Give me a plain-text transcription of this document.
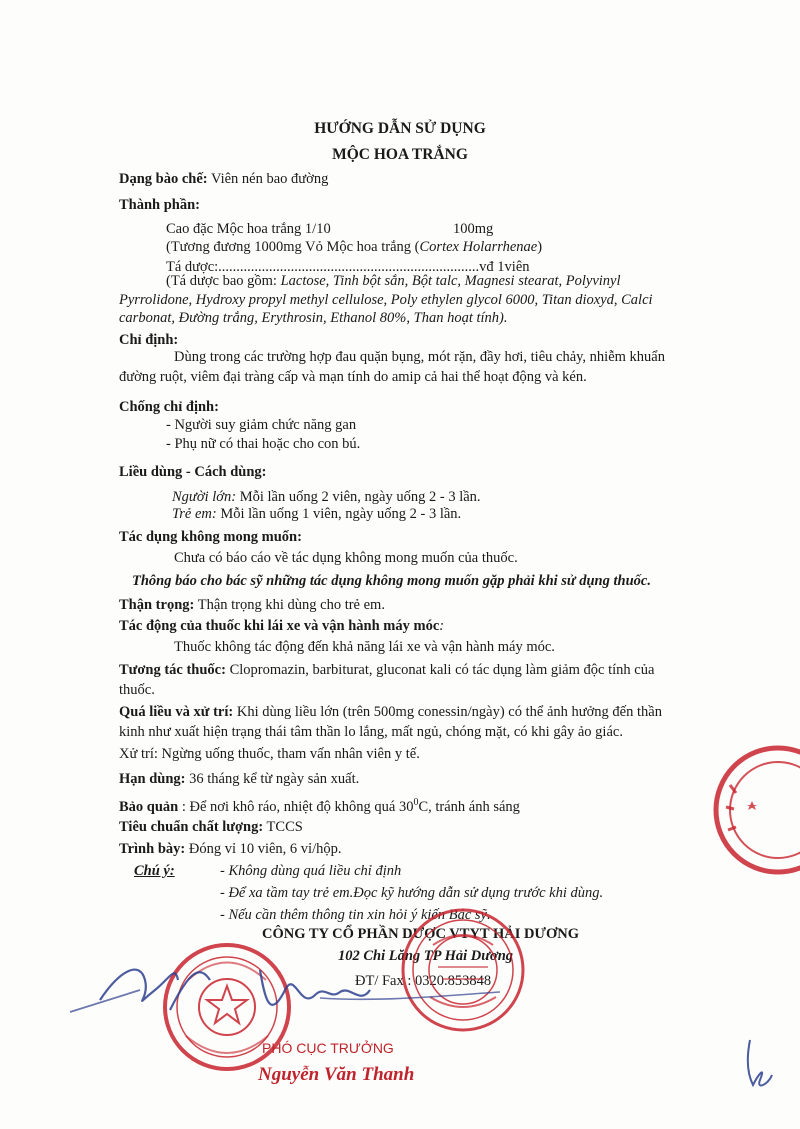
HƯỚNG DẪN SỬ DỤNG
MỘC HOA TRẮNG
Dạng bào chế: Viên nén bao đường
Thành phần:
Cao đặc Mộc hoa trắng 1/10	100mg
(Tương đương 1000mg Vỏ Mộc hoa trắng (Cortex Holarrhenae)
Tá dược:........................................................................vđ 1viên
(Tá dược bao gồm: Lactose, Tinh bột sắn, Bột talc, Magnesi stearat, Polyvinyl
Pyrrolidone, Hydroxy propyl methyl cellulose, Poly ethylen glycol 6000, Titan dioxyd, Calci
carbonat, Đường trắng, Erythrosin, Ethanol 80%, Than hoạt tính).
Chỉ định:
Dùng trong các trường hợp đau quặn bụng, mót rặn, đầy hơi, tiêu chảy, nhiễm khuẩn
đường ruột, viêm đại tràng cấp và mạn tính do amip cả hai thể hoạt động và kén.
Chống chỉ định:
- Người suy giảm chức năng gan
- Phụ nữ có thai hoặc cho con bú.
Liều dùng - Cách dùng:
Người lớn: Mỗi lần uống 2 viên, ngày uống 2 - 3 lần.
Trẻ em: Mỗi lần uống 1 viên, ngày uống 2 - 3 lần.
Tác dụng không mong muốn:
Chưa có báo cáo về tác dụng không mong muốn của thuốc.
Thông báo cho bác sỹ những tác dụng không mong muốn gặp phải khi sử dụng thuốc.
Thận trọng: Thận trọng khi dùng cho trẻ em.
Tác động của thuốc khi lái xe và vận hành máy móc:
Thuốc không tác động đến khả năng lái xe và vận hành máy móc.
Tương tác thuốc: Clopromazin, barbiturat, gluconat kali có tác dụng làm giảm độc tính của
thuốc.
Quá liều và xử trí: Khi dùng liều lớn (trên 500mg conessin/ngày) có thể ảnh hưởng đến thần
kinh như xuất hiện trạng thái tâm thần lo lắng, mất ngủ, chóng mặt, có khi gây ảo giác.
Xử trí: Ngừng uống thuốc, tham vấn nhân viên y tế.
Hạn dùng: 36 tháng kể từ ngày sản xuất.
Bảo quản : Để nơi khô ráo, nhiệt độ không quá $30^0C$, tránh ánh sáng
Tiêu chuẩn chất lượng: TCCS
Trình bày: Đóng vỉ 10 viên, 6 vỉ/hộp.
Chú ý:	- Không dùng quá liều chỉ định
- Để xa tầm tay trẻ em.Đọc kỹ hướng dẫn sử dụng trước khi dùng.
- Nếu cần thêm thông tin xin hỏi ý kiến Bác sỹ.
CÔNG TY CỔ PHẦN DƯỢC VTYT HẢI DƯƠNG
102 Chi Lăng TP Hải Dương
ĐT/ Fax : 0320.853848
PHÓ CỤC TRƯỞNG
Nguyễn Văn Thanh
